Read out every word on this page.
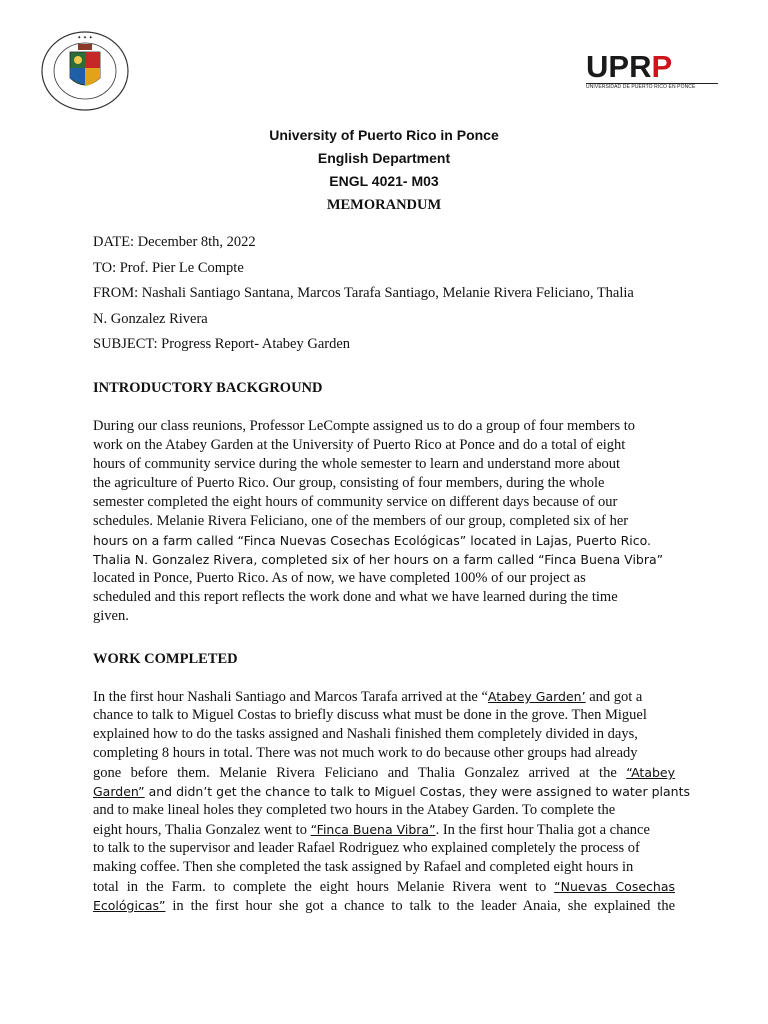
✦ ✦ ✦
UPRP
UNIVERSIDAD DE PUERTO RICO EN PONCE
University of Puerto Rico in Ponce
English Department
ENGL 4021- M03
MEMORANDUM
DATE: December 8th, 2022
TO: Prof. Pier Le Compte
FROM: Nashali Santiago Santana, Marcos Tarafa Santiago, Melanie Rivera Feliciano, Thalia
N. Gonzalez Rivera
SUBJECT: Progress Report- Atabey Garden
INTRODUCTORY BACKGROUND
During our class reunions, Professor LeCompte assigned us to do a group of four members to
work on the Atabey Garden at the University of Puerto Rico at Ponce and do a total of eight
hours of community service during the whole semester to learn and understand more about
the agriculture of Puerto Rico. Our group, consisting of four members, during the whole
semester completed the eight hours of community service on different days because of our
schedules. Melanie Rivera Feliciano, one of the members of our group, completed six of her
hours on a farm called “Finca Nuevas Cosechas Ecológicas” located in Lajas, Puerto Rico.
Thalia N. Gonzalez Rivera, completed six of her hours on a farm called “Finca Buena Vibra”
located in Ponce, Puerto Rico. As of now, we have completed 100% of our project as
scheduled and this report reflects the work done and what we have learned during the time
given.
WORK COMPLETED
In the first hour Nashali Santiago and Marcos Tarafa arrived at the “Atabey Garden’ and got a
chance to talk to Miguel Costas to briefly discuss what must be done in the grove. Then Miguel
explained how to do the tasks assigned and Nashali finished them completely divided in days,
completing 8 hours in total. There was not much work to do because other groups had already
gone before them. Melanie Rivera Feliciano and Thalia Gonzalez arrived at the “Atabey
Garden” and didn’t get the chance to talk to Miguel Costas, they were assigned to water plants
and to make lineal holes they completed two hours in the Atabey Garden. To complete the
eight hours, Thalia Gonzalez went to “Finca Buena Vibra”. In the first hour Thalia got a chance
to talk to the supervisor and leader Rafael Rodriguez who explained completely the process of
making coffee. Then she completed the task assigned by Rafael and completed eight hours in
total in the Farm. to complete the eight hours Melanie Rivera went to “Nuevas Cosechas
Ecológicas” in the first hour she got a chance to talk to the leader Anaia, she explained the
